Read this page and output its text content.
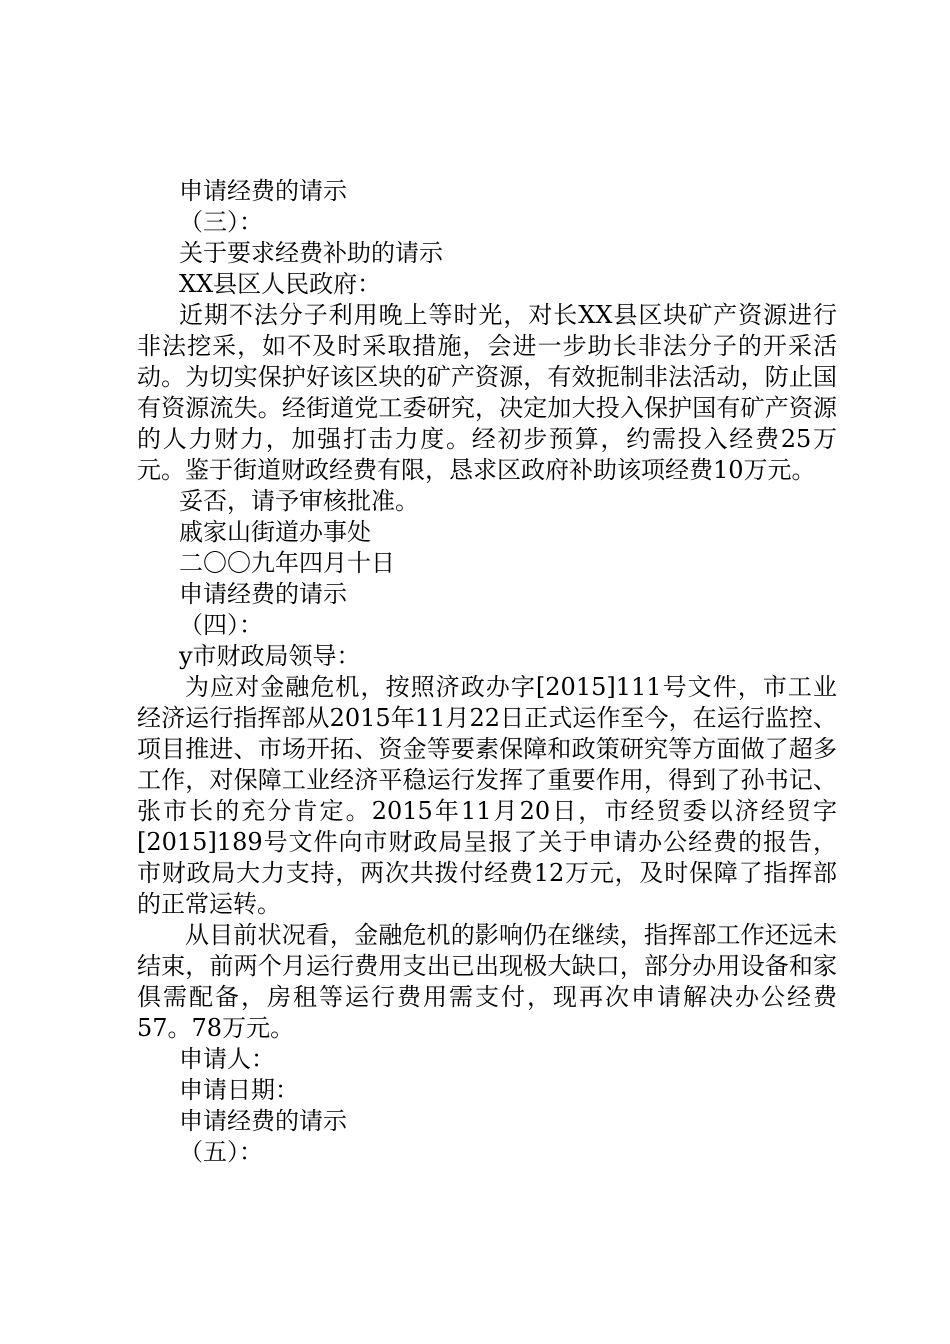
申请经费的请示
（三）：
关于要求经费补助的请示
XX县区人民政府：
近期不法分子利用晚上等时光，对长XX县区块矿产资源进行非法挖采，如不及时采取措施，会进一步助长非法分子的开采活动。为切实保护好该区块的矿产资源，有效扼制非法活动，防止国有资源流失。经街道党工委研究，决定加大投入保护国有矿产资源的人力财力，加强打击力度。经初步预算，约需投入经费25万元。鉴于街道财政经费有限，恳求区政府补助该项经费10万元。
妥否，请予审核批准。
戚家山街道办事处
二〇〇九年四月十日
申请经费的请示
（四）：
y市财政局领导：
为应对金融危机，按照济政办字[2015]111号文件，市工业经济运行指挥部从2015年11月22日正式运作至今，在运行监控、项目推进、市场开拓、资金等要素保障和政策研究等方面做了超多工作，对保障工业经济平稳运行发挥了重要作用，得到了孙书记、张市长的充分肯定。2015年11月20日，市经贸委以济经贸字[2015]189号文件向市财政局呈报了关于申请办公经费的报告，市财政局大力支持，两次共拨付经费12万元，及时保障了指挥部的正常运转。
从目前状况看，金融危机的影响仍在继续，指挥部工作还远未结束，前两个月运行费用支出已出现极大缺口，部分办用设备和家俱需配备，房租等运行费用需支付，现再次申请解决办公经费57。78万元。
申请人：
申请日期：
申请经费的请示
（五）：
